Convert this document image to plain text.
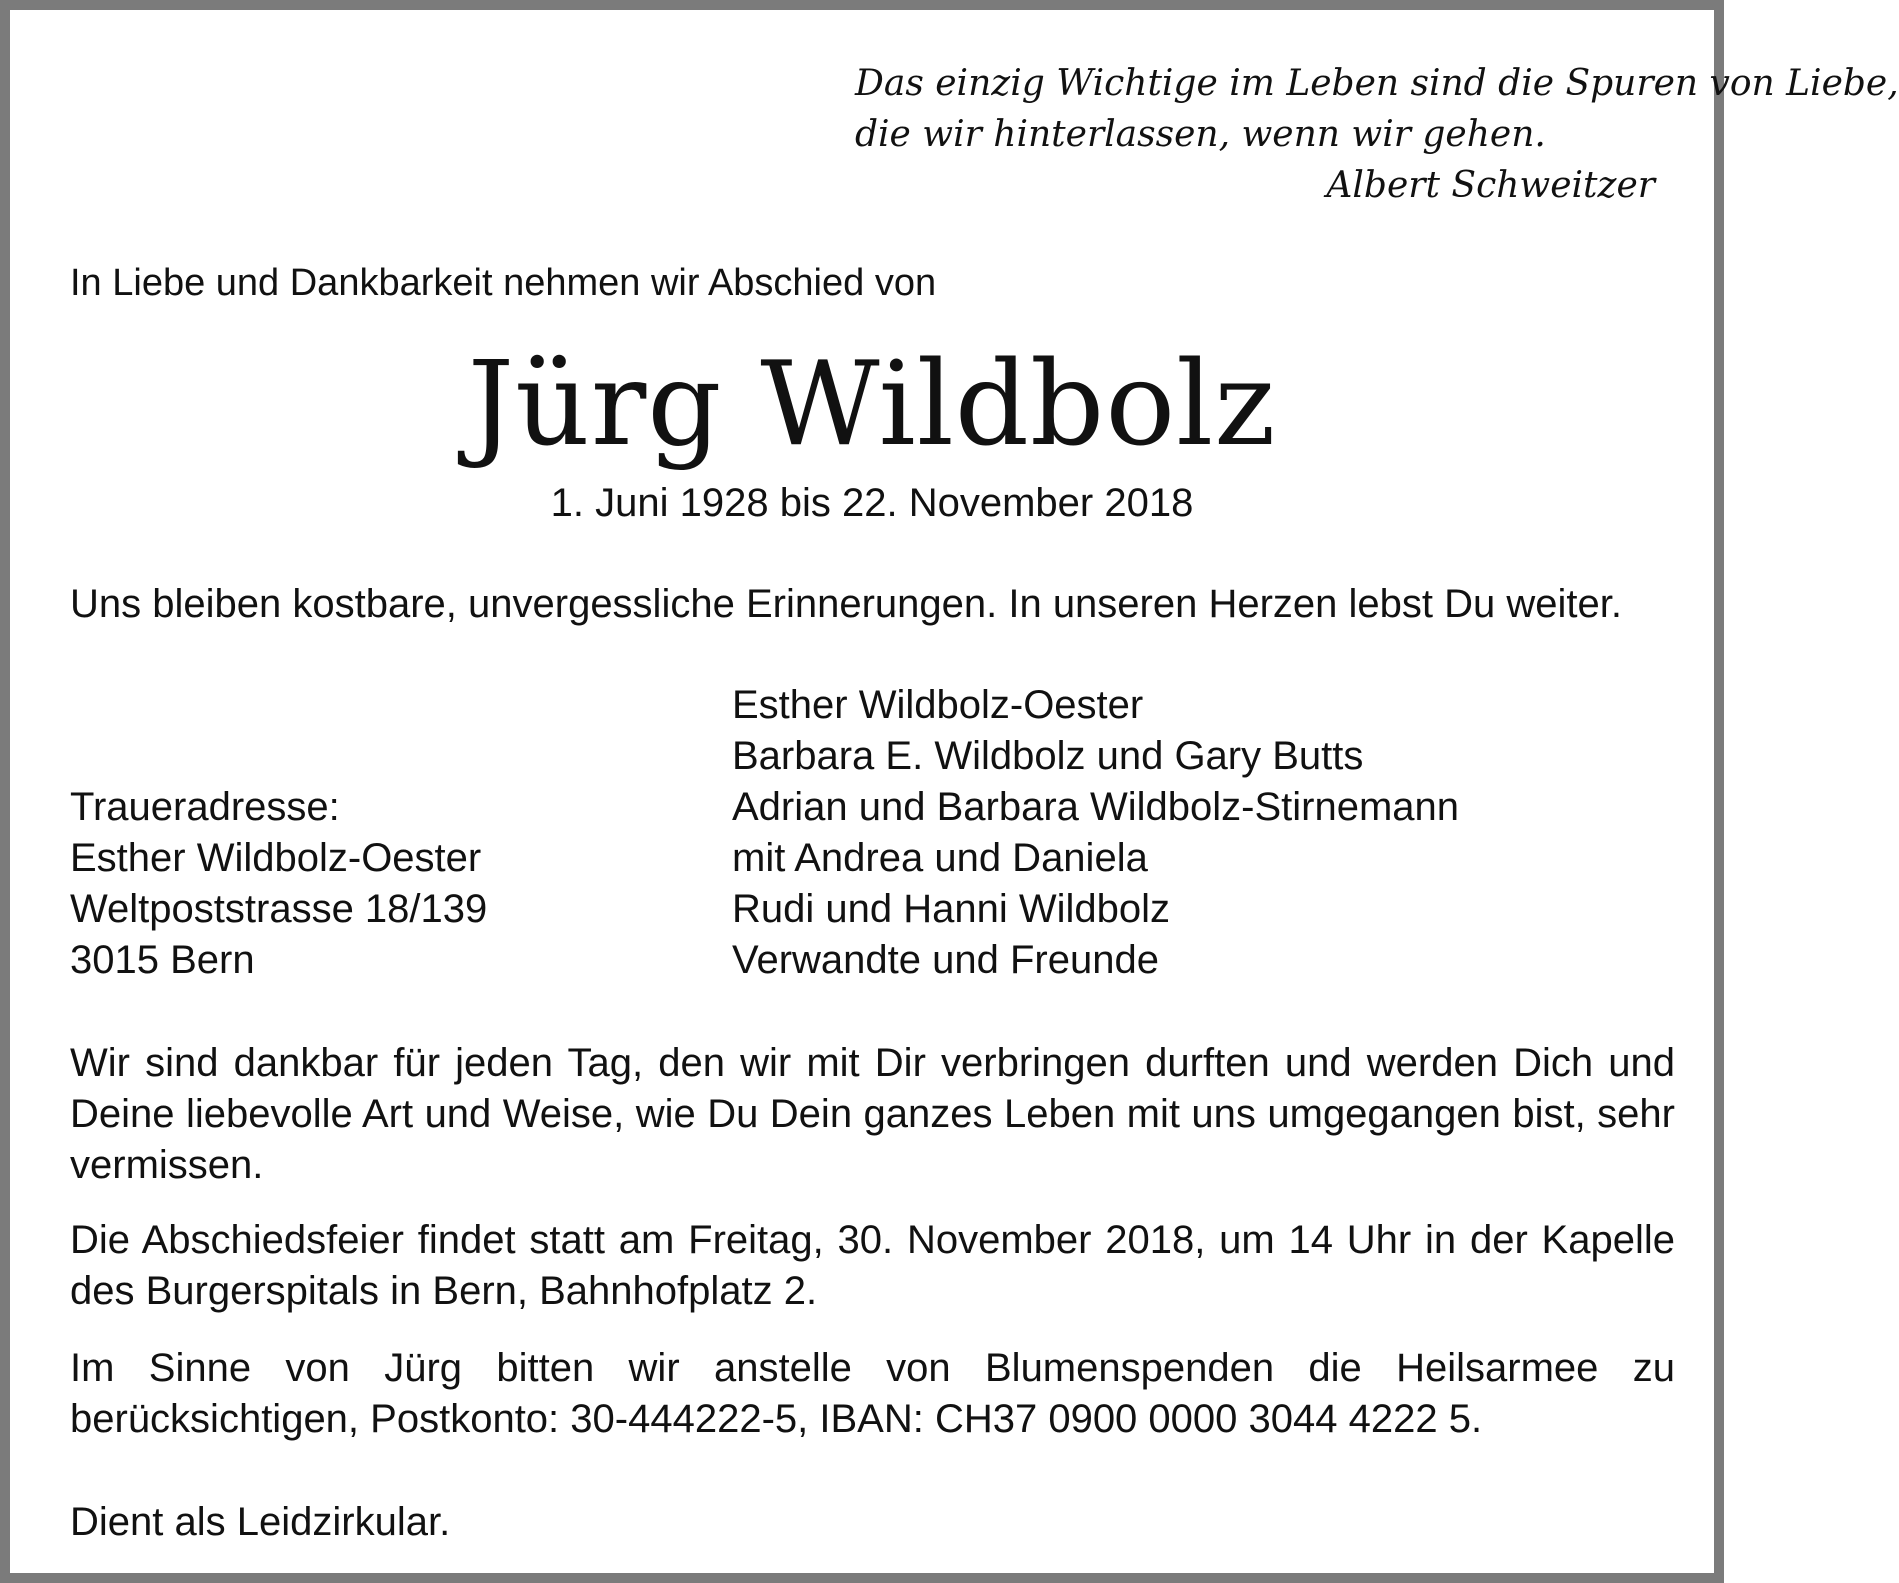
Das einzig Wichtige im Leben sind die Spuren von Liebe,
die wir hinterlassen, wenn wir gehen.
Albert Schweitzer
In Liebe und Dankbarkeit nehmen wir Abschied von
Jürg Wildbolz
1. Juni 1928 bis 22. November 2018
Uns bleiben kostbare, unvergessliche Erinnerungen. In unseren Herzen lebst Du weiter.
Traueradresse:
Esther Wildbolz-Oester
Weltpoststrasse 18/139
3015 Bern
Esther Wildbolz-Oester
Barbara E. Wildbolz und Gary Butts
Adrian und Barbara Wildbolz-Stirnemann
mit Andrea und Daniela
Rudi und Hanni Wildbolz
Verwandte und Freunde
Wir sind dankbar für jeden Tag, den wir mit Dir verbringen durften und werden Dich und Deine liebevolle Art und Weise, wie Du Dein ganzes Leben mit uns umgegangen bist, sehr vermissen.
Die Abschiedsfeier findet statt am Freitag, 30. November 2018, um 14 Uhr in der Kapelle des Burgerspitals in Bern, Bahnhofplatz 2.
Im Sinne von Jürg bitten wir anstelle von Blumenspenden die Heilsarmee zu berücksichtigen, Postkonto: 30-444222-5, IBAN: CH37 0900 0000 3044 4222 5.
Dient als Leidzirkular.
